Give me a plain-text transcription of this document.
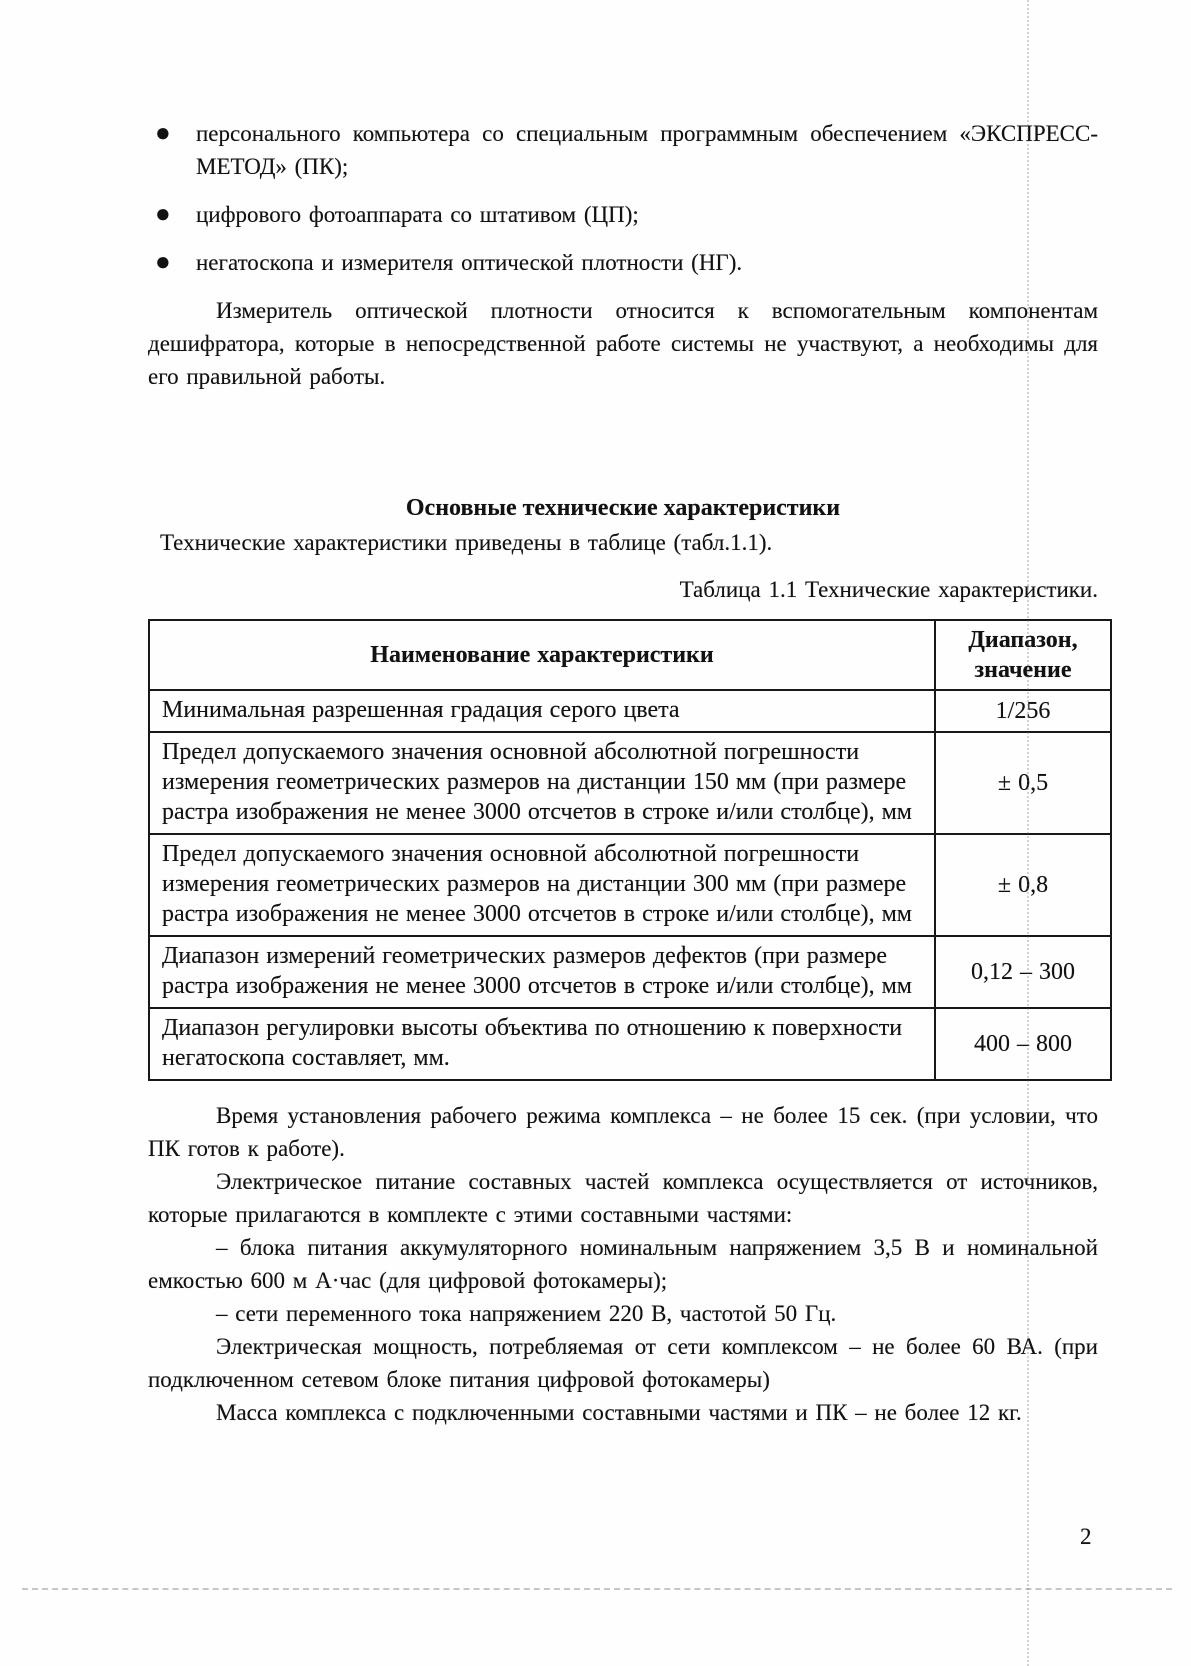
● персонального компьютера со специальным программным обеспечением «ЭКСПРЕСС-МЕТОД» (ПК);
● цифрового фотоаппарата со штативом (ЦП);
● негатоскопа и измерителя оптической плотности (НГ).

Измеритель оптической плотности относится к вспомогательным компонентам дешифратора, которые в непосредственной работе системы не участвуют, а необходимы для его правильной работы.

Основные технические характеристики

Технические характеристики приведены в таблице (табл.1.1).

Таблица 1.1 Технические характеристики.

Наименование характеристики	Диапазон, значение
Минимальная разрешенная градация серого цвета	1/256
Предел допускаемого значения основной абсолютной погрешности измерения геометрических размеров на дистанции 150 мм (при размере растра изображения не менее 3000 отсчетов в строке и/или столбце), мм	± 0,5
Предел допускаемого значения основной абсолютной погрешности измерения геометрических размеров на дистанции 300 мм (при размере растра изображения не менее 3000 отсчетов в строке и/или столбце), мм	± 0,8
Диапазон измерений геометрических размеров дефектов (при размере растра изображения не менее 3000 отсчетов в строке и/или столбце), мм	0,12 – 300
Диапазон регулировки высоты объектива по отношению к поверхности негатоскопа составляет, мм.	400 – 800

Время установления рабочего режима комплекса – не более 15 сек. (при условии, что ПК готов к работе).

Электрическое питание составных частей комплекса осуществляется от источников, которые прилагаются в комплекте с этими составными частями:

– блока питания аккумуляторного номинальным напряжением 3,5 В и номинальной емкостью 600 м А·час (для цифровой фотокамеры);

– сети переменного тока напряжением 220 В, частотой 50 Гц.

Электрическая мощность, потребляемая от сети комплексом – не более 60 ВА. (при подключенном сетевом блоке питания цифровой фотокамеры)

Масса комплекса с подключенными составными частями и ПК – не более 12 кг.

2
